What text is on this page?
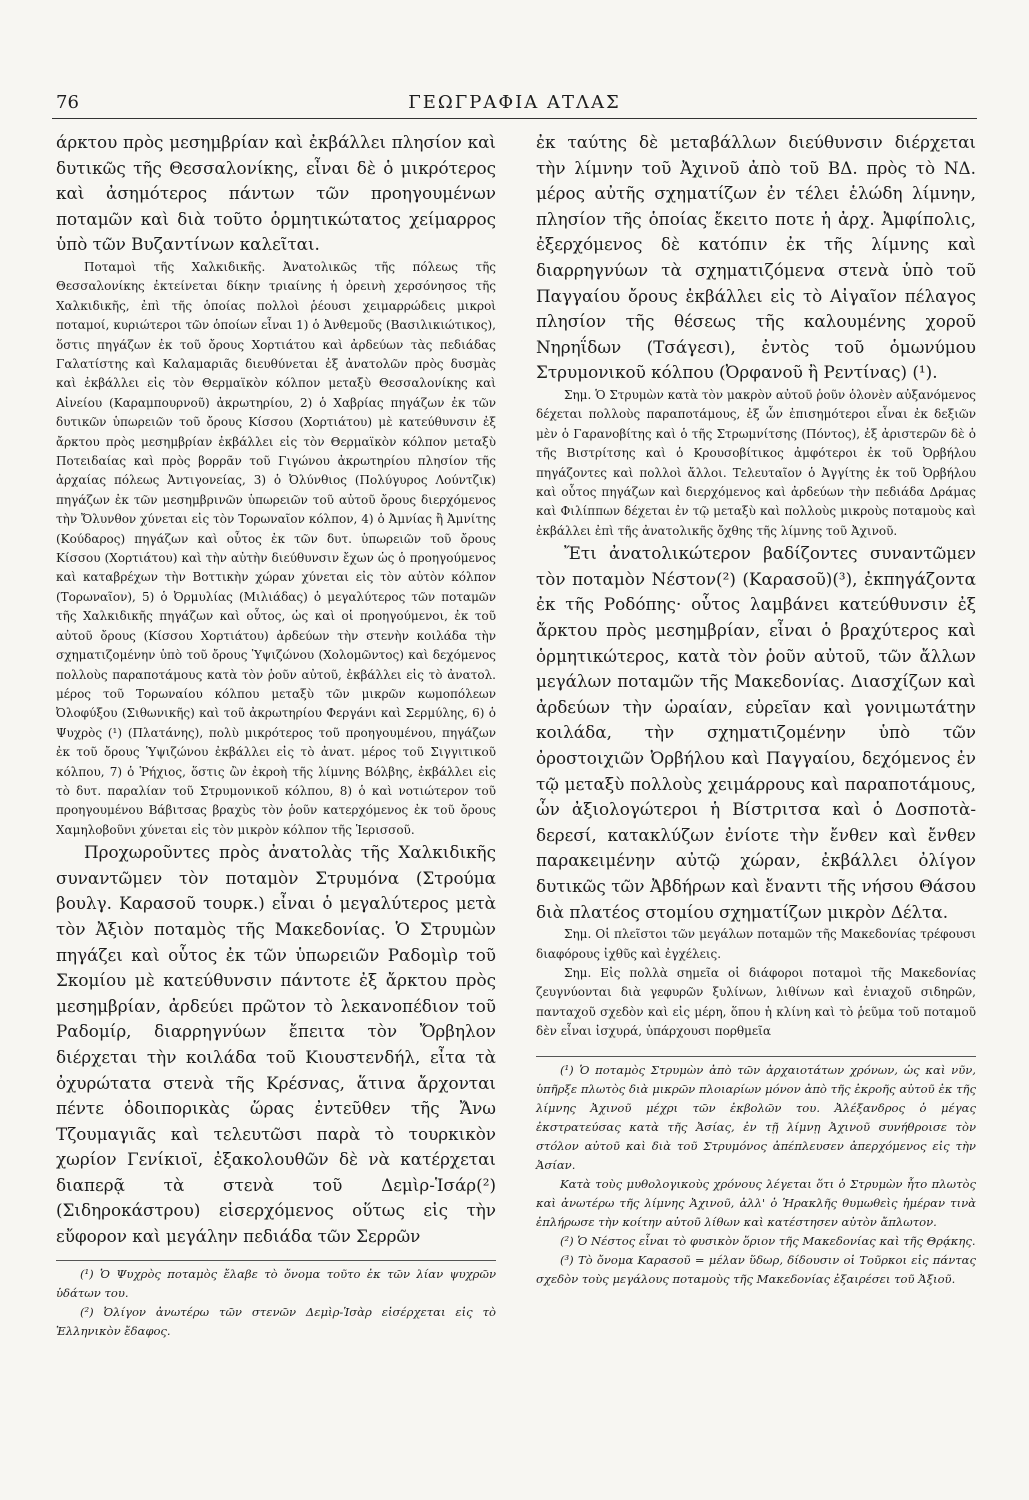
76	ΓΕΩΓΡΑΦΙΑ ΑΤΛΑΣ

άρκτου πρὸς μεσημβρίαν καὶ ἐκβάλλει πλησίον καὶ δυτικῶς τῆς Θεσσαλονίκης, εἶναι δὲ ὁ μικρότερος καὶ ἀσημότερος πάντων τῶν προηγουμένων ποταμῶν καὶ διὰ τοῦτο ὁρμητικώτατος χείμαρρος ὑπὸ τῶν Βυζαντίνων καλεῖται.

Ποταμοὶ τῆς Χαλκιδικῆς. Ἀνατολικῶς τῆς πόλεως τῆς Θεσσαλονίκης ἐκτείνεται δίκην τριαίνης ἡ ὀρεινὴ χερσόνησος τῆς Χαλκιδικῆς, ἐπὶ τῆς ὁποίας πολλοὶ ῥέουσι χειμαρρώδεις μικροὶ ποταμοί, κυριώτεροι τῶν ὁποίων εἶναι 1) ὁ Ἀνθεμοῦς (Βασιλικιώτικος), ὅστις πηγάζων ἐκ τοῦ ὄρους Χορτιάτου καὶ ἀρδεύων τὰς πεδιάδας Γαλατίστης καὶ Καλαμαριᾶς διευθύνεται ἐξ ἀνατολῶν πρὸς δυσμὰς καὶ ἐκβάλλει εἰς τὸν Θερμαϊκὸν κόλπον μεταξὺ Θεσσαλονίκης καὶ Αἰνείου (Καραμπουρνοῦ) ἀκρωτηρίου, 2) ὁ Χαβρίας πηγάζων ἐκ τῶν δυτικῶν ὑπωρειῶν τοῦ ὄρους Κίσσου (Χορτιάτου) μὲ κατεύθυνσιν ἐξ ἄρκτου πρὸς μεσημβρίαν ἐκβάλλει εἰς τὸν Θερμαϊκὸν κόλπον μεταξὺ Ποτειδαίας καὶ πρὸς βορρᾶν τοῦ Γιγώνου ἀκρωτηρίου πλησίον τῆς ἀρχαίας πόλεως Ἀντιγονείας, 3) ὁ Ὀλύνθιος (Πολύγυρος Λούντζικ) πηγάζων ἐκ τῶν μεσημβρινῶν ὑπωρειῶν τοῦ αὐτοῦ ὄρους διερχόμενος τὴν Ὄλυνθον χύνεται εἰς τὸν Τορωναῖον κόλπον, 4) ὁ Ἀμνίας ἢ Ἀμνίτης (Κούδαρος) πηγάζων καὶ οὗτος ἐκ τῶν δυτ. ὑπωρειῶν τοῦ ὄρους Κίσσου (Χορτιάτου) καὶ τὴν αὐτὴν διεύθυνσιν ἔχων ὡς ὁ προηγούμενος καὶ καταβρέχων τὴν Βοττικὴν χώραν χύνεται εἰς τὸν αὐτὸν κόλπον (Τορωναῖον), 5) ὁ Ὀρμυλίας (Μιλιάδας) ὁ μεγαλύτερος τῶν ποταμῶν τῆς Χαλκιδικῆς πηγάζων καὶ οὗτος, ὡς καὶ οἱ προηγούμενοι, ἐκ τοῦ αὐτοῦ ὄρους (Κίσσου Χορτιάτου) ἀρδεύων τὴν στενὴν κοιλάδα τὴν σχηματιζομένην ὑπὸ τοῦ ὄρους Ὑψιζώνου (Χολομῶντος) καὶ δεχόμενος πολλοὺς παραποτάμους κατὰ τὸν ῥοῦν αὐτοῦ, ἐκβάλλει εἰς τὸ ἀνατολ. μέρος τοῦ Τορωναίου κόλπου μεταξὺ τῶν μικρῶν κωμοπόλεων Ὀλοφύξου (Σιθωνικῆς) καὶ τοῦ ἀκρωτηρίου Φεργάνι καὶ Σερμύλης, 6) ὁ Ψυχρὸς (¹) (Πλατάνης), πολὺ μικρότερος τοῦ προηγουμένου, πηγάζων ἐκ τοῦ ὄρους Ὑψιζώνου ἐκβάλλει εἰς τὸ ἀνατ. μέρος τοῦ Σιγγιτικοῦ κόλπου, 7) ὁ Ῥήχιος, ὅστις ὢν ἐκροὴ τῆς λίμνης Βόλβης, ἐκβάλλει εἰς τὸ δυτ. παραλίαν τοῦ Στρυμονικοῦ κόλπου, 8) ὁ καὶ νοτιώτερον τοῦ προηγουμένου Βάβιτσας βραχὺς τὸν ῥοῦν κατερχόμενος ἐκ τοῦ ὄρους Χαμηλοβοῦνι χύνεται εἰς τὸν μικρὸν κόλπον τῆς Ἱερισσοῦ.

Προχωροῦντες πρὸς ἀνατολὰς τῆς Χαλκιδικῆς συναντῶμεν τὸν ποταμὸν Στρυμόνα (Στρούμα βουλγ. Καρασοῦ τουρκ.) εἶναι ὁ μεγαλύτερος μετὰ τὸν Ἀξιὸν ποταμὸς τῆς Μακεδονίας. Ὁ Στρυμὼν πηγάζει καὶ οὗτος ἐκ τῶν ὑπωρειῶν Ραδομὶρ τοῦ Σκομίου μὲ κατεύθυνσιν πάντοτε ἐξ ἄρκτου πρὸς μεσημβρίαν, ἀρδεύει πρῶτον τὸ λεκανοπέδιον τοῦ Ραδομίρ, διαρρηγνύων ἔπειτα τὸν Ὄρβηλον διέρχεται τὴν κοιλάδα τοῦ Κιουστενδήλ, εἶτα τὰ ὀχυρώτατα στενὰ τῆς Κρέσνας, ἅτινα ἄρχονται πέντε ὁδοιπορικὰς ὥρας ἐντεῦθεν τῆς Ἄνω Τζουμαγιᾶς καὶ τελευτῶσι παρὰ τὸ τουρκικὸν χωρίον Γενίκιοϊ, ἐξακολουθῶν δὲ νὰ κατέρχεται διαπερᾷ τὰ στενὰ τοῦ Δεμὶρ-Ἱσάρ(²) (Σιδηροκάστρου) εἰσερχόμενος οὕτως εἰς τὴν εὔφορον καὶ μεγάλην πεδιάδα τῶν Σερρῶν

(¹) Ὁ Ψυχρὸς ποταμὸς ἔλαβε τὸ ὄνομα τοῦτο ἐκ τῶν λίαν ψυχρῶν ὑδάτων του.

(²) Ὀλίγον ἀνωτέρω τῶν στενῶν Δεμὶρ-Ἱσὰρ εἰσέρχεται εἰς τὸ Ἑλληνικὸν ἔδαφος.

ἐκ ταύτης δὲ μεταβάλλων διεύθυνσιν διέρχεται τὴν λίμνην τοῦ Ἀχινοῦ ἀπὸ τοῦ ΒΔ. πρὸς τὸ ΝΔ. μέρος αὐτῆς σχηματίζων ἐν τέλει ἑλώδη λίμνην, πλησίον τῆς ὁποίας ἔκειτο ποτε ἡ ἀρχ. Ἀμφίπολις, ἐξερχόμενος δὲ κατόπιν ἐκ τῆς λίμνης καὶ διαρρηγνύων τὰ σχηματιζόμενα στενὰ ὑπὸ τοῦ Παγγαίου ὄρους ἐκβάλλει εἰς τὸ Αἰγαῖον πέλαγος πλησίον τῆς θέσεως τῆς καλουμένης χοροῦ Νηρηΐδων (Τσάγεσι), ἐντὸς τοῦ ὁμωνύμου Στρυμονικοῦ κόλπου (Ὀρφανοῦ ἢ Ρεντίνας) (¹).

Σημ. Ὁ Στρυμὼν κατὰ τὸν μακρὸν αὐτοῦ ῥοῦν ὁλονὲν αὐξανόμενος δέχεται πολλοὺς παραποτάμους, ἐξ ὧν ἐπισημότεροι εἶναι ἐκ δεξιῶν μὲν ὁ Γαρανοβίτης καὶ ὁ τῆς Στρωμνίτσης (Πόντος), ἐξ ἀριστερῶν δὲ ὁ τῆς Βιστρίτσης καὶ ὁ Κρουσοβίτικος ἀμφότεροι ἐκ τοῦ Ὀρβήλου πηγάζοντες καὶ πολλοὶ ἄλλοι. Τελευταῖον ὁ Ἀγγίτης ἐκ τοῦ Ὀρβήλου καὶ οὗτος πηγάζων καὶ διερχόμενος καὶ ἀρδεύων τὴν πεδιάδα Δράμας καὶ Φιλίππων δέχεται ἐν τῷ μεταξὺ καὶ πολλοὺς μικροὺς ποταμοὺς καὶ ἐκβάλλει ἐπὶ τῆς ἀνατολικῆς ὄχθης τῆς λίμνης τοῦ Ἀχινοῦ.

Ἔτι ἀνατολικώτερον βαδίζοντες συναντῶμεν τὸν ποταμὸν Νέστον(²) (Καρασοῦ)(³), ἐκπηγάζοντα ἐκ τῆς Ροδόπης· οὗτος λαμβάνει κατεύθυνσιν ἐξ ἄρκτου πρὸς μεσημβρίαν, εἶναι ὁ βραχύτερος καὶ ὁρμητικώτερος, κατὰ τὸν ῥοῦν αὐτοῦ, τῶν ἄλλων μεγάλων ποταμῶν τῆς Μακεδονίας. Διασχίζων καὶ ἀρδεύων τὴν ὡραίαν, εὐρεῖαν καὶ γονιμωτάτην κοιλάδα, τὴν σχηματιζομένην ὑπὸ τῶν ὀροστοιχιῶν Ὀρβήλου καὶ Παγγαίου, δεχόμενος ἐν τῷ μεταξὺ πολλοὺς χειμάρρους καὶ παραποτάμους, ὧν ἀξιολογώτεροι ἡ Βίστριτσα καὶ ὁ Δοσποτὰ-δερεσί, κατακλύζων ἐνίοτε τὴν ἔνθεν καὶ ἔνθεν παρακειμένην αὐτῷ χώραν, ἐκβάλλει ὀλίγον δυτικῶς τῶν Ἀβδήρων καὶ ἔναντι τῆς νήσου Θάσου διὰ πλατέος στομίου σχηματίζων μικρὸν Δέλτα.

Σημ. Οἱ πλεῖστοι τῶν μεγάλων ποταμῶν τῆς Μακεδονίας τρέφουσι διαφόρους ἰχθῦς καὶ ἐγχέλεις.

Σημ. Εἰς πολλὰ σημεῖα οἱ διάφοροι ποταμοὶ τῆς Μακεδονίας ζευγνύονται διὰ γεφυρῶν ξυλίνων, λιθίνων καὶ ἐνιαχοῦ σιδηρῶν, πανταχοῦ σχεδὸν καὶ εἰς μέρη, ὅπου ἡ κλίνη καὶ τὸ ῥεῦμα τοῦ ποταμοῦ δὲν εἶναι ἰσχυρά, ὑπάρχουσι πορθμεῖα

(¹) Ὁ ποταμὸς Στρυμὼν ἀπὸ τῶν ἀρχαιοτάτων χρόνων, ὡς καὶ νῦν, ὑπῆρξε πλωτὸς διὰ μικρῶν πλοιαρίων μόνον ἀπὸ τῆς ἐκροῆς αὐτοῦ ἐκ τῆς λίμνης Ἀχινοῦ μέχρι τῶν ἐκβολῶν του. Ἀλέξανδρος ὁ μέγας ἐκστρατεύσας κατὰ τῆς Ἀσίας, ἐν τῇ λίμνῃ Ἀχινοῦ συνήθροισε τὸν στόλον αὐτοῦ καὶ διὰ τοῦ Στρυμόνος ἀπέπλευσεν ἀπερχόμενος εἰς τὴν Ἀσίαν.

Κατὰ τοὺς μυθολογικοὺς χρόνους λέγεται ὅτι ὁ Στρυμὼν ἦτο πλωτὸς καὶ ἀνωτέρω τῆς λίμνης Ἀχινοῦ, ἀλλ' ὁ Ἡρακλῆς θυμωθεὶς ἡμέραν τινὰ ἐπλήρωσε τὴν κοίτην αὐτοῦ λίθων καὶ κατέστησεν αὐτὸν ἄπλωτον.

(²) Ὁ Νέστος εἶναι τὸ φυσικὸν ὅριον τῆς Μακεδονίας καὶ τῆς Θρᾴκης.

(³) Τὸ ὄνομα Καρασοῦ = μέλαν ὕδωρ, δίδουσιν οἱ Τοῦρκοι εἰς πάντας σχεδὸν τοὺς μεγάλους ποταμοὺς τῆς Μακεδονίας ἐξαιρέσει τοῦ Ἀξιοῦ.
